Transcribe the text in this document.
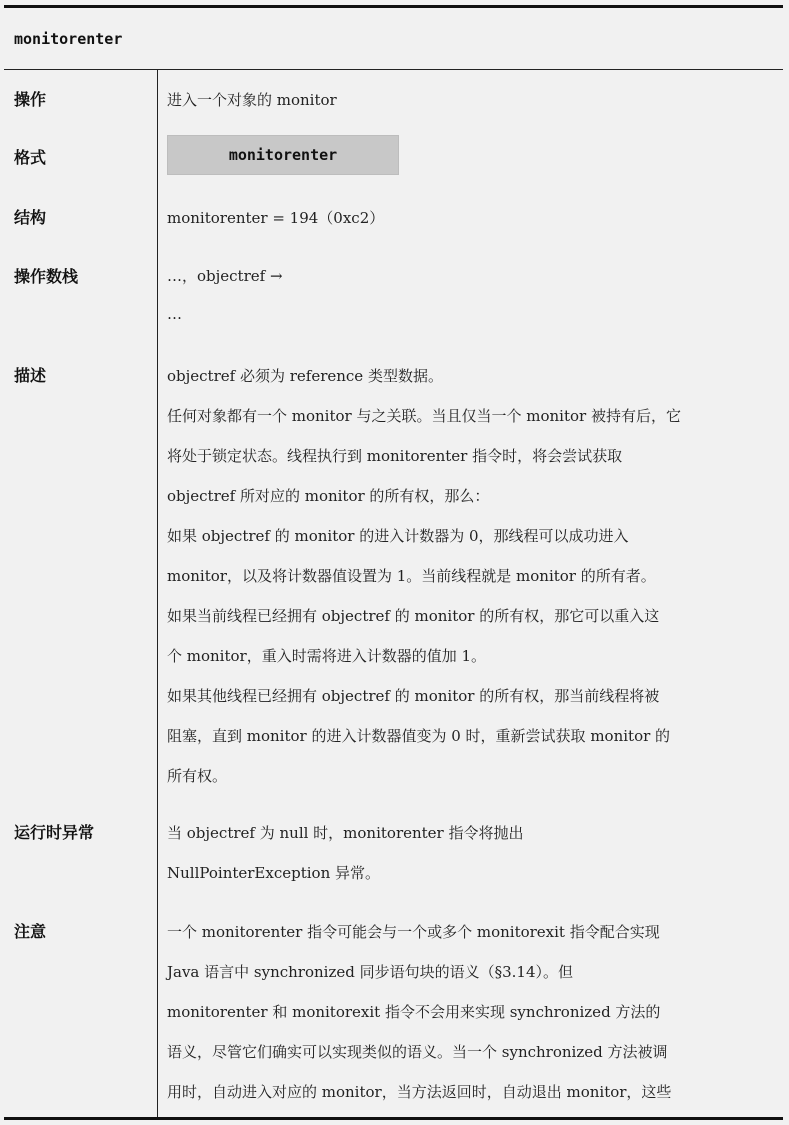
monitorenter
操作	进入一个对象的 monitor
格式	monitorenter
结构	monitorenter = 194（0xc2）
操作数栈	…，objectref →
…
描述	objectref 必须为 reference 类型数据。
任何对象都有一个 monitor 与之关联。当且仅当一个 monitor 被持有后，它
将处于锁定状态。线程执行到 monitorenter 指令时，将会尝试获取
objectref 所对应的 monitor 的所有权，那么：
如果 objectref 的 monitor 的进入计数器为 0，那线程可以成功进入
monitor，以及将计数器值设置为 1。当前线程就是 monitor 的所有者。
如果当前线程已经拥有 objectref 的 monitor 的所有权，那它可以重入这
个 monitor，重入时需将进入计数器的值加 1。
如果其他线程已经拥有 objectref 的 monitor 的所有权，那当前线程将被
阻塞，直到 monitor 的进入计数器值变为 0 时，重新尝试获取 monitor 的
所有权。
运行时异常	当 objectref 为 null 时，monitorenter 指令将抛出
NullPointerException 异常。
注意	一个 monitorenter 指令可能会与一个或多个 monitorexit 指令配合实现
Java 语言中 synchronized 同步语句块的语义（§3.14）。但
monitorenter 和 monitorexit 指令不会用来实现 synchronized 方法的
语义，尽管它们确实可以实现类似的语义。当一个 synchronized 方法被调
用时，自动进入对应的 monitor，当方法返回时，自动退出 monitor，这些
